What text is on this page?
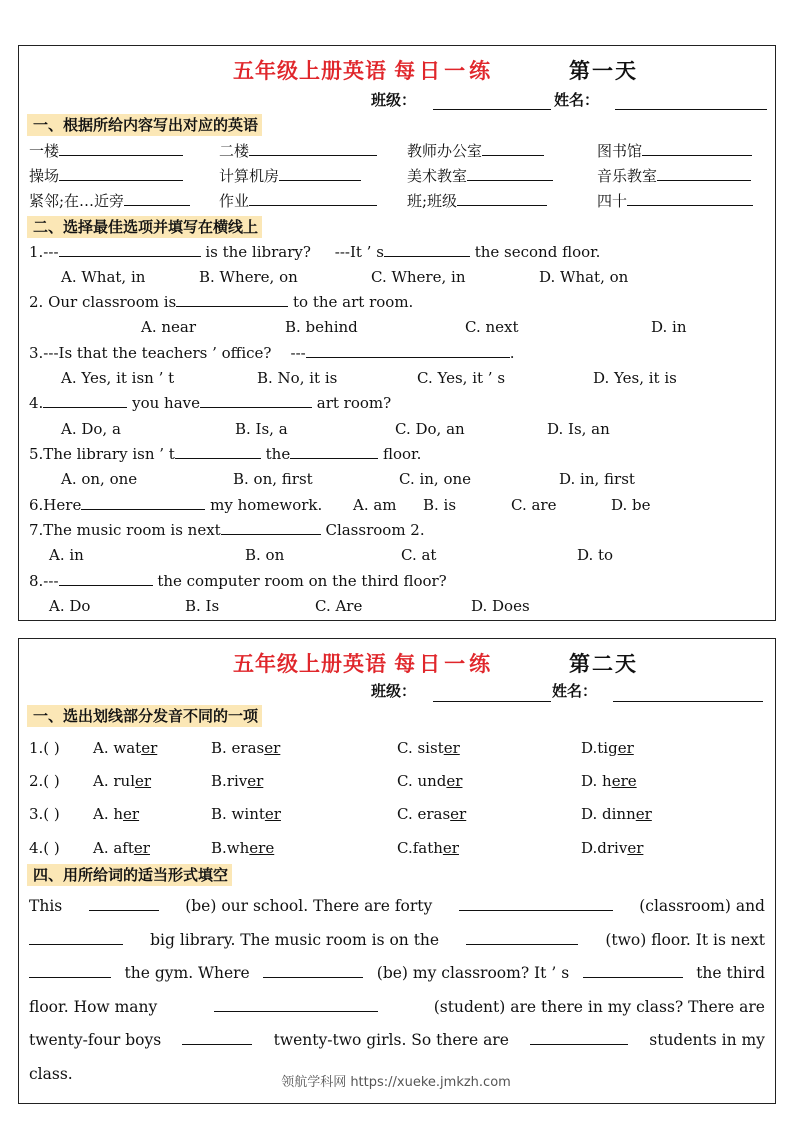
五年级上册英语 每日一练	第一天
班级：	姓名：
一、根据所给内容写出对应的英语
一楼	二楼	教师办公室	图书馆
操场	计算机房	美术教室	音乐教室
紧邻;在…近旁	作业	班;班级	四十
二、选择最佳选项并填写在横线上
1.---	is the library? ---It ’ s	the second floor.
A. What, in	B. Where, on	C. Where, in	D. What, on
2. Our classroom is	to the art room.
A. near	B. behind	C. next	D. in
3.---Is that the teachers ’ office? ---	.
A. Yes, it isn ’ t	B. No, it is	C. Yes, it ’ s	D. Yes, it is
4.	you have	art room?
A. Do, a	B. Is, a	C. Do, an	D. Is, an
5.The library isn ’ t	the	floor.
A. on, one	B. on, first	C. in, one	D. in, first
6.Here	my homework. A. am B. is	C. are	D. be
7.The music room is next	Classroom 2.
A. in	B. on	C. at	D. to
8.---	the computer room on the third floor?
A. Do	B. Is	C. Are	D. Does
五年级上册英语 每日一练	第二天
班级：	姓名：
一、选出划线部分发音不同的一项
1.( ) A. water	B. eraser	C. sister	D.tiger
2.( ) A. ruler	B.river	C. under	D. here
3.( ) A. her	B. winter	C. eraser	D. dinner
4.( ) A. after	B.where	C.father	D.driver
四、用所给词的适当形式填空
This	(be) our school. There are forty	(classroom) and
big library. The music room is on the	(two) floor. It is next
the gym. Where	(be) my classroom? It ’ s	the third
floor. How many	(student) are there in my class? There are
twenty-four boys	twenty-two girls. So there are	students in my
class.	领航学科网 https://xueke.jmkzh.com
